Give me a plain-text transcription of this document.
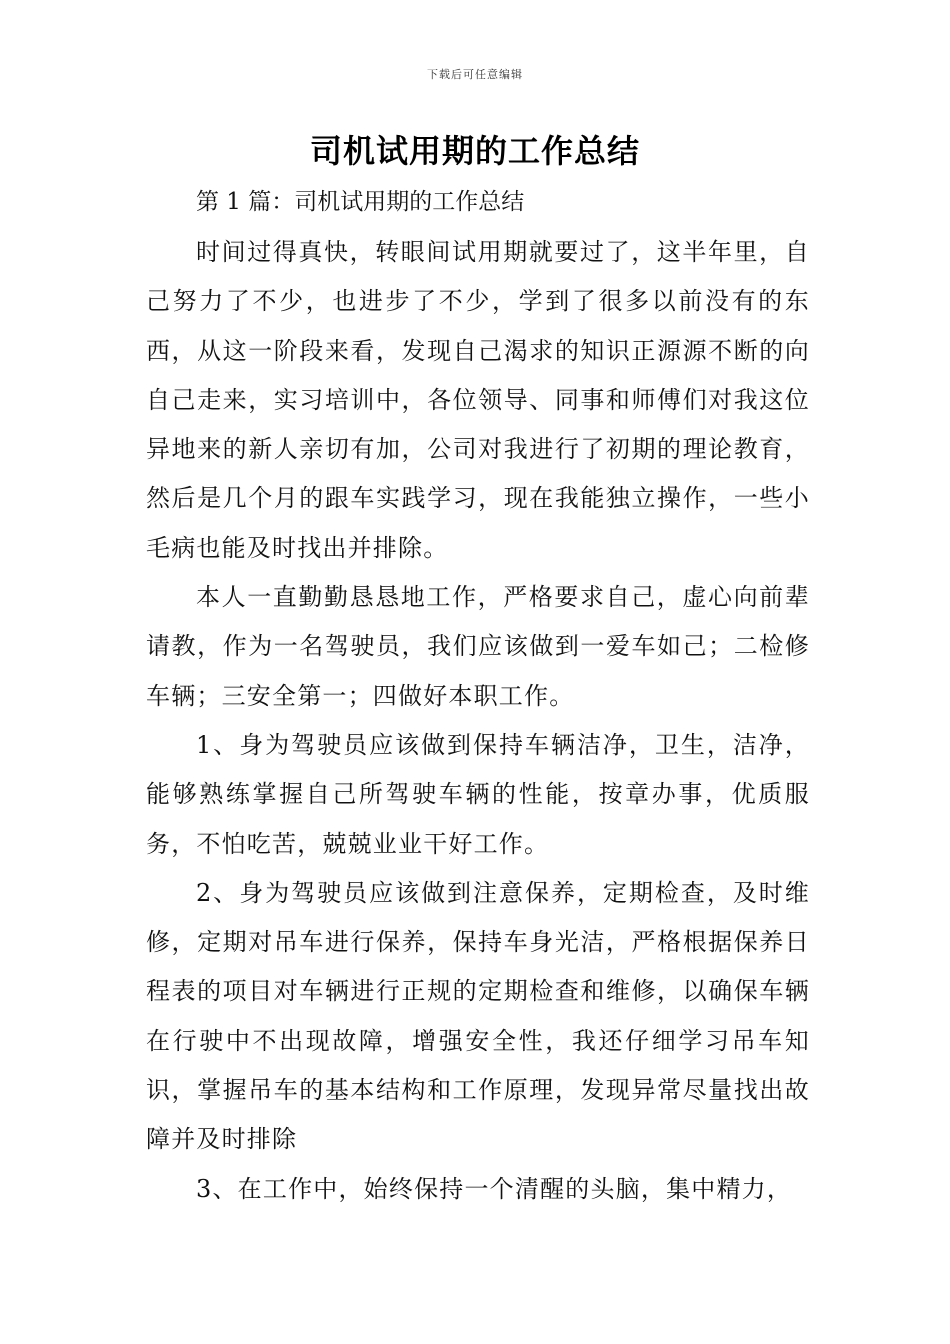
下载后可任意编辑
司机试用期的工作总结
第 1 篇：司机试用期的工作总结

时间过得真快，转眼间试用期就要过了，这半年里，自己努力了不少，也进步了不少，学到了很多以前没有的东西，从这一阶段来看，发现自己渴求的知识正源源不断的向自己走来，实习培训中，各位领导、同事和师傅们对我这位异地来的新人亲切有加，公司对我进行了初期的理论教育，然后是几个月的跟车实践学习，现在我能独立操作，一些小毛病也能及时找出并排除。

本人一直勤勤恳恳地工作，严格要求自己，虚心向前辈请教，作为一名驾驶员，我们应该做到一爱车如己；二检修车辆；三安全第一；四做好本职工作。

1、身为驾驶员应该做到保持车辆洁净，卫生，洁净，能够熟练掌握自己所驾驶车辆的性能，按章办事，优质服务，不怕吃苦，兢兢业业干好工作。

2、身为驾驶员应该做到注意保养，定期检查，及时维修，定期对吊车进行保养，保持车身光洁，严格根据保养日程表的项目对车辆进行正规的定期检查和维修，以确保车辆在行驶中不出现故障，增强安全性，我还仔细学习吊车知识，掌握吊车的基本结构和工作原理，发现异常尽量找出故障并及时排除

3、在工作中，始终保持一个清醒的头脑，集中精力，
